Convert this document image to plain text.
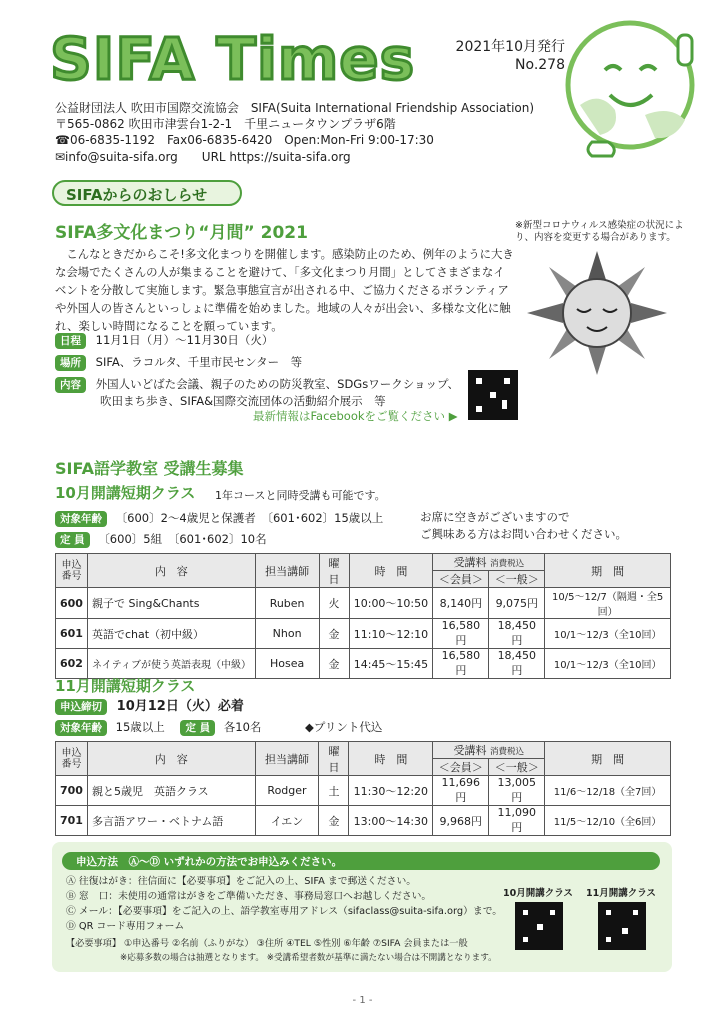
SIFA Times	2021年10月発行
No.278
公益財団法人 吹田市国際交流協会　SIFA(Suita International Friendship Association)
〒565-0862 吹田市津雲台1-2-1　千里ニュータウンプラザ6階
☎06-6835-1192　Fax06-6835-6420　Open:Mon-Fri 9:00-17:30
✉info@suita-sifa.org　　URL https://suita-sifa.org
SIFAからのおしらせ
SIFA多文化まつり“月間” 2021	※新型コロナウィルス感染症の状況により、内容を変更する場合があります。
こんなときだからこそ!多文化まつりを開催します。感染防止のため、例年のように大きな会場でたくさんの人が集まることを避けて、「多文化まつり月間」としてさまざまなイベントを分散して実施します。緊急事態宣言が出される中、ご協力くださるボランティアや外国人の皆さんといっしょに準備を始めました。地域の人々が出会い、多様な文化に触れ、楽しい時間になることを願っています。
日程 11月1日（月）～11月30日（火）
場所 SIFA、ラコルタ、千里市民センター　等
内容 外国人いどばた会議、親子のための防災教室、SDGsワークショップ、
吹田まち歩き、SIFA&国際交流団体の活動紹介展示　等
最新情報はFacebookをご覧ください ▶
SIFA語学教室 受講生募集
10月開講短期クラス 1年コースと同時受講も可能です。
対象年齢 〔600〕2～4歳児と保護者　〔601･602〕15歳以上
定 員 〔600〕5組　〔601･602〕10名
お席に空きがございますので
ご興味ある方はお問い合わせください。
申込番号	内　容	担当講師	曜日	時　間	受講料 消費税込		期　間
					＜会員＞	＜一般＞	
600	親子で Sing&Chants	Ruben	火	10:00～10:50	8,140円	9,075円	10/5～12/7（隔週・全5回）
601	英語でchat（初中級）	Nhon	金	11:10～12:10	16,580円	18,450円	10/1～12/3（全10回）
602	ネイティブが使う英語表現（中級）	Hosea	金	14:45～15:45	16,580円	18,450円	10/1～12/3（全10回）
11月開講短期クラス
申込締切 10月12日（火）必着
対象年齢 15歳以上 定 員 各10名	◆プリント代込
申込番号	内　容	担当講師	曜日	時　間	受講料 消費税込		期　間
					＜会員＞	＜一般＞	
700	親と5歳児　英語クラス	Rodger	土	11:30～12:20	11,696円	13,005円	11/6～12/18（全7回）
701	多言語アワー・ベトナム語	イエン	金	13:00～14:30	9,968円	11,090円	11/5～12/10（全6回）
申込方法　Ⓐ～Ⓓ いずれかの方法でお申込みください。
Ⓐ 往復はがき：往信面に【必要事項】をご記入の上、SIFA まで郵送ください。
Ⓑ 窓　口：未使用の通常はがきをご準備いただき、事務局窓口へお越しください。
Ⓒ メール：【必要事項】をご記入の上、語学教室専用アドレス（sifaclass@suita-sifa.org）まで。
Ⓓ QR コード専用フォーム
【必要事項】 ①申込番号 ②名前（ふりがな） ③住所 ④TEL ⑤性別 ⑥年齢 ⑦SIFA 会員または一般
※応募多数の場合は抽選となります。 ※受講希望者数が基準に満たない場合は不開講となります。
10月開講クラス 11月開講クラス
- 1 -
